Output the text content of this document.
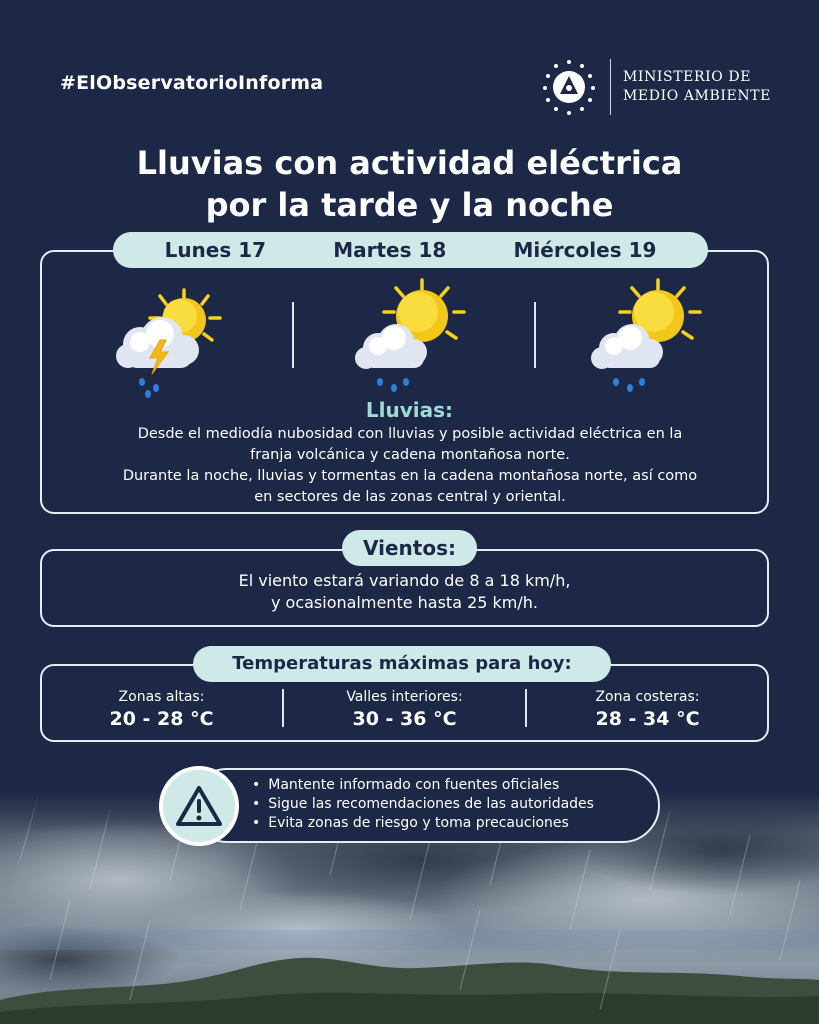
#ElObservatorioInforma	MINISTERIO DE
MEDIO AMBIENTE
Lluvias con actividad eléctrica
por la tarde y la noche
Lunes 17	Martes 18	Miércoles 19
Lluvias:
Desde el mediodía nubosidad con lluvias y posible actividad eléctrica en la
franja volcánica y cadena montañosa norte.
Durante la noche, lluvias y tormentas en la cadena montañosa norte, así como
en sectores de las zonas central y oriental.
Vientos:
El viento estará variando de 8 a 18 km/h,
y ocasionalmente hasta 25 km/h.
Temperaturas máximas para hoy:
Zonas altas:
20 - 28 °C
Valles interiores:
30 - 36 °C
Zona costeras:
28 - 34 °C
• Mantente informado con fuentes oficiales
• Sigue las recomendaciones de las autoridades
• Evita zonas de riesgo y toma precauciones
